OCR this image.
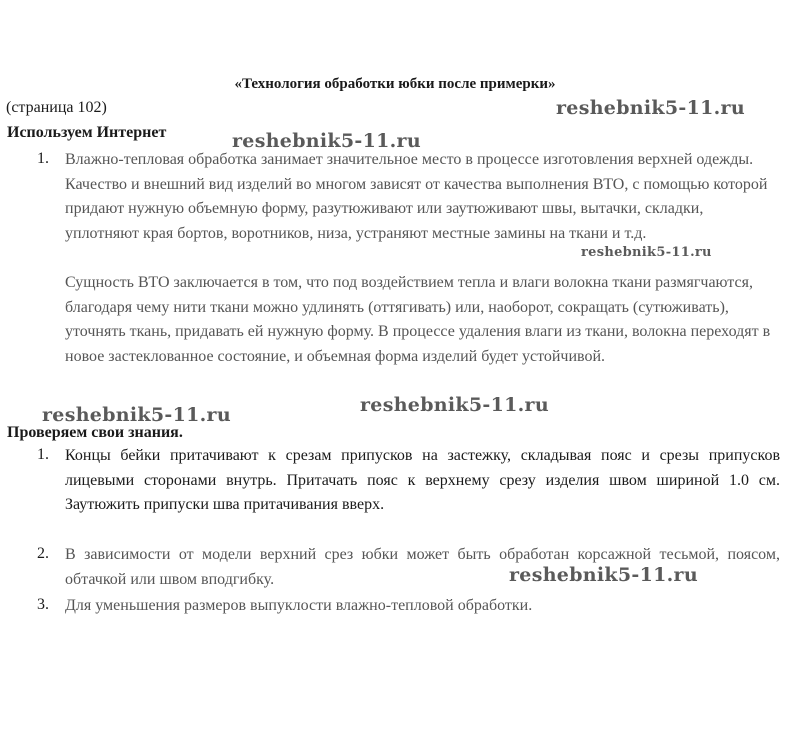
«Технология обработки юбки после примерки»

(страница 102)

Используем Интернет
1. Влажно-тепловая обработка занимает значительное место в процессе изготовления верхней одежды. Качество и внешний вид изделий во многом зависят от качества выполнения ВТО, с помощью которой придают нужную объемную форму, разутюживают или заутюживают швы, вытачки, складки, уплотняют края бортов, воротников, низа, устраняют местные замины на ткани и т.д.
Сущность ВТО заключается в том, что под воздействием тепла и влаги волокна ткани размягчаются, благодаря чему нити ткани можно удлинять (оттягивать) или, наоборот, сокращать (сутюживать), уточнять ткань, придавать ей нужную форму. В процессе удаления влаги из ткани, волокна переходят в новое застеклованное состояние, и объемная форма изделий будет устойчивой.
Проверяем свои знания.
1. Концы бейки притачивают к срезам припусков на застежку, складывая пояс и срезы припусков лицевыми сторонами внутрь. Притачать пояс к верхнему срезу изделия швом шириной 1.0 см. Заутюжить припуски шва притачивания вверх.
2. В зависимости от модели верхний срез юбки может быть обработан корсажной тесьмой, поясом, обтачкой или швом вподгибку.
3. Для уменьшения размеров выпуклости влажно-тепловой обработки.
reshebnik5-11.ru
reshebnik5-11.ru
reshebnik5-11.ru
reshebnik5-11.ru	reshebnik5-11.ru
reshebnik5-11.ru
